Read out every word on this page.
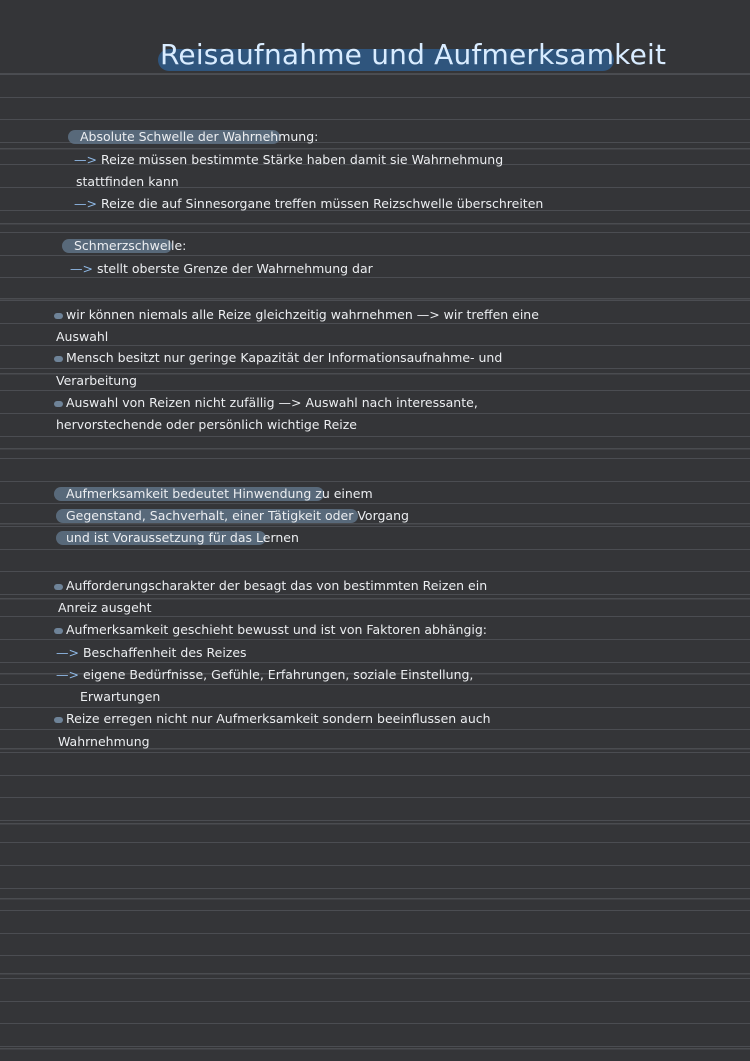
Reisaufnahme und Aufmerksamkeit
Absolute Schwelle der Wahrnehmung:
—> Reize müssen bestimmte Stärke haben damit sie Wahrnehmung
stattfinden kann
—> Reize die auf Sinnesorgane treffen müssen Reizschwelle überschreiten
Schmerzschwelle:
—> stellt oberste Grenze der Wahrnehmung dar
wir können niemals alle Reize gleichzeitig wahrnehmen —> wir treffen eine
Auswahl
Mensch besitzt nur geringe Kapazität der Informationsaufnahme- und
Verarbeitung
Auswahl von Reizen nicht zufällig —> Auswahl nach interessante,
hervorstechende oder persönlich wichtige Reize
Aufmerksamkeit bedeutet Hinwendung zu einem
Gegenstand, Sachverhalt, einer Tätigkeit oder Vorgang
und ist Voraussetzung für das Lernen
Aufforderungscharakter der besagt das von bestimmten Reizen ein
Anreiz ausgeht
Aufmerksamkeit geschieht bewusst und ist von Faktoren abhängig:
—> Beschaffenheit des Reizes
—> eigene Bedürfnisse, Gefühle, Erfahrungen, soziale Einstellung,
Erwartungen
Reize erregen nicht nur Aufmerksamkeit sondern beeinflussen auch
Wahrnehmung
